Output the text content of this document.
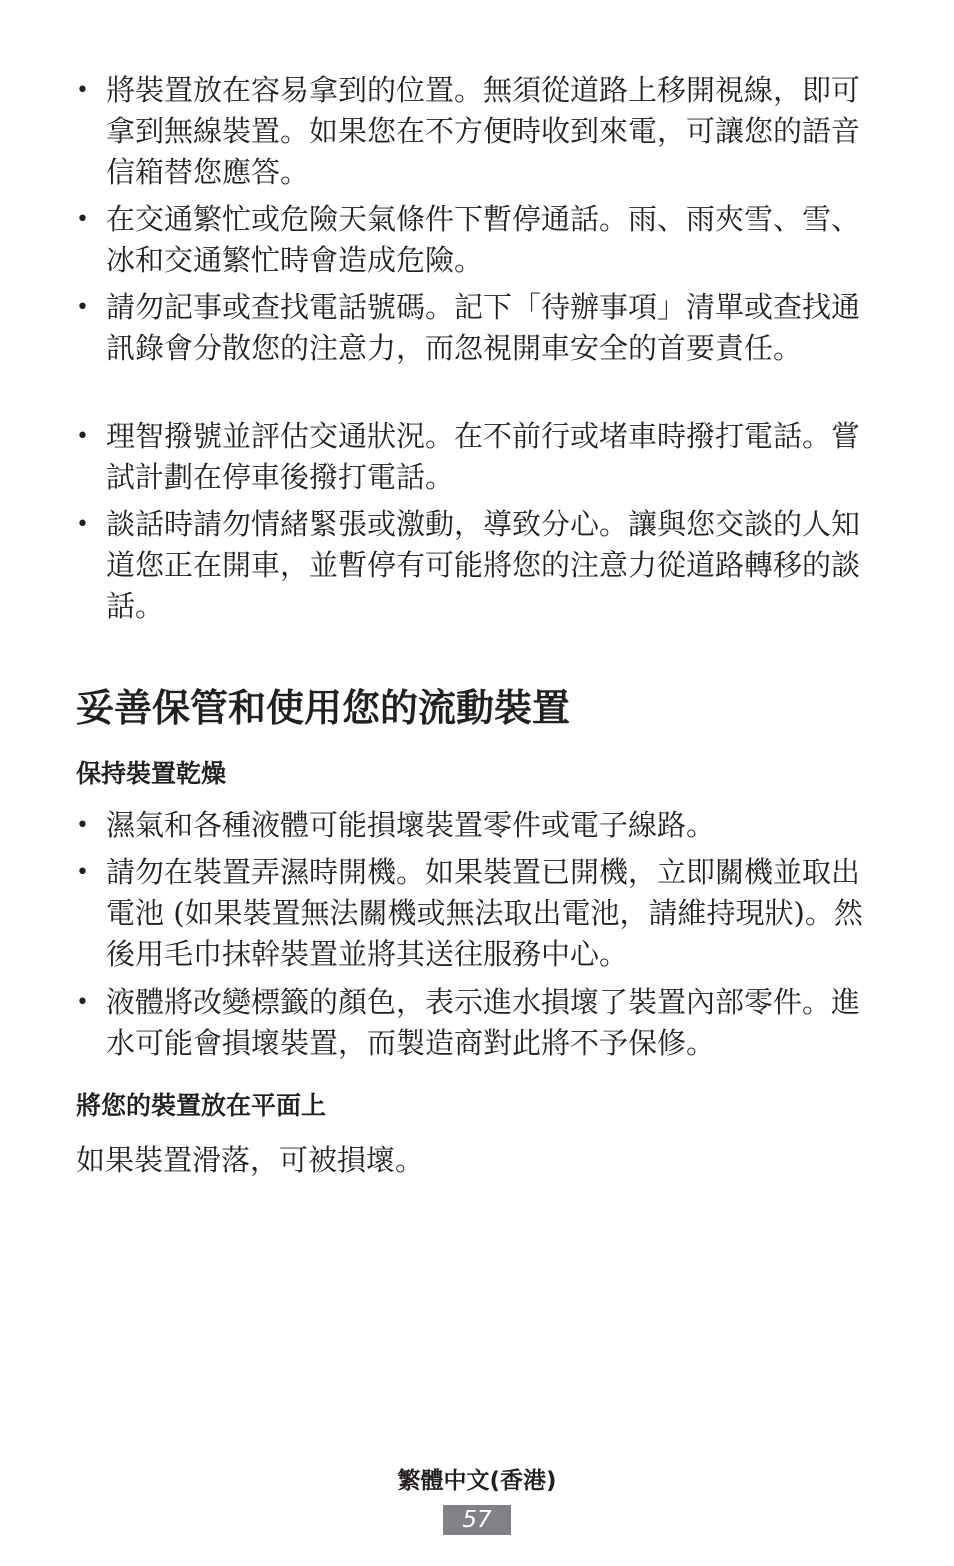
• 將裝置放在容易拿到的位置。無須從道路上移開視線，即可拿到無線裝置。如果您在不方便時收到來電，可讓您的語音信箱替您應答。
• 在交通繁忙或危險天氣條件下暫停通話。雨、雨夾雪、雪、冰和交通繁忙時會造成危險。
• 請勿記事或查找電話號碼。記下「待辦事項」清單或查找通訊錄會分散您的注意力，而忽視開車安全的首要責任。
• 理智撥號並評估交通狀況。在不前行或堵車時撥打電話。嘗試計劃在停車後撥打電話。
• 談話時請勿情緒緊張或激動，導致分心。讓與您交談的人知道您正在開車，並暫停有可能將您的注意力從道路轉移的談話。
妥善保管和使用您的流動裝置
保持裝置乾燥
• 濕氣和各種液體可能損壞裝置零件或電子線路。
• 請勿在裝置弄濕時開機。如果裝置已開機，立即關機並取出電池 (如果裝置無法關機或無法取出電池，請維持現狀)。然後用毛巾抹幹裝置並將其送往服務中心。
• 液體將改變標籤的顏色，表示進水損壞了裝置內部零件。進水可能會損壞裝置，而製造商對此將不予保修。
將您的裝置放在平面上

如果裝置滑落，可被損壞。

繁體中文(香港)
57
